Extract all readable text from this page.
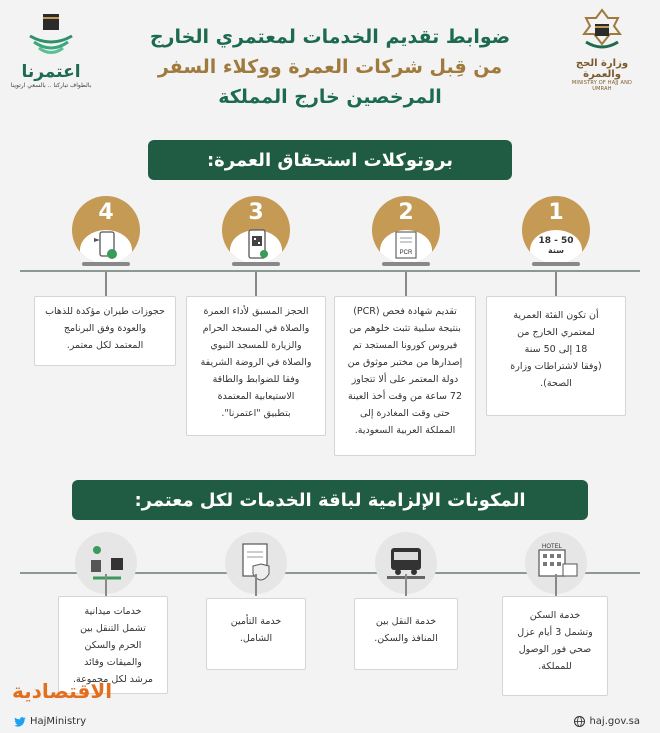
وزارة الحج والعمرة
MINISTRY OF HAJJ AND UMRAH
اعتمرنا
بالطواف تباركنا .. بالسعي ارتوينا
ضوابط تقديم الخدمات لمعتمري الخارج
من قِبل شركات العمرة ووكلاء السفر
المرخصين خارج المملكة
بروتوكلات استحقاق العمرة:
1
18 - 50
سنة
2
PCR
3
4

أن تكون الفئة العمرية
لمعتمري الخارج من
18 إلى 50 سنة
(وفقا لاشتراطات وزارة الصحة).

تقديم شهادة فحص (PCR)
بنتيجة سلبية تثبت خلوهم من
فيروس كورونا المستجد تم
إصدارها من مختبر موثوق من
دولة المعتمر على ألا تتجاوز
72 ساعة من وقت أخذ العينة
حتى وقت المغادرة إلى
المملكة العربية السعودية.

الحجز المسبق لأداء العمرة
والصلاة في المسجد الحرام
والزيارة للمسجد النبوي
والصلاة في الروضة الشريفة
وفقا للضوابط والطاقة
الاستيعابية المعتمدة
بتطبيق "اعتمرنا".

حجوزات طيران مؤكدة للذهاب
والعودة وفق البرنامج
المعتمد لكل معتمر.

المكونات الإلزامية لباقة الخدمات لكل معتمر:
HOTEL

خدمة السكن
وتشمل 3 أيام عزل
صحي فور الوصول
للمملكة.

خدمة النقل بين
المنافذ والسكن.

خدمة التأمين
الشامل.

خدمات ميدانية
تشمل التنقل بين
الحرم والسكن
والميقات وقائد
مرشد لكل مجموعة.

الاقتصادية
HajMinistry	haj.gov.sa
